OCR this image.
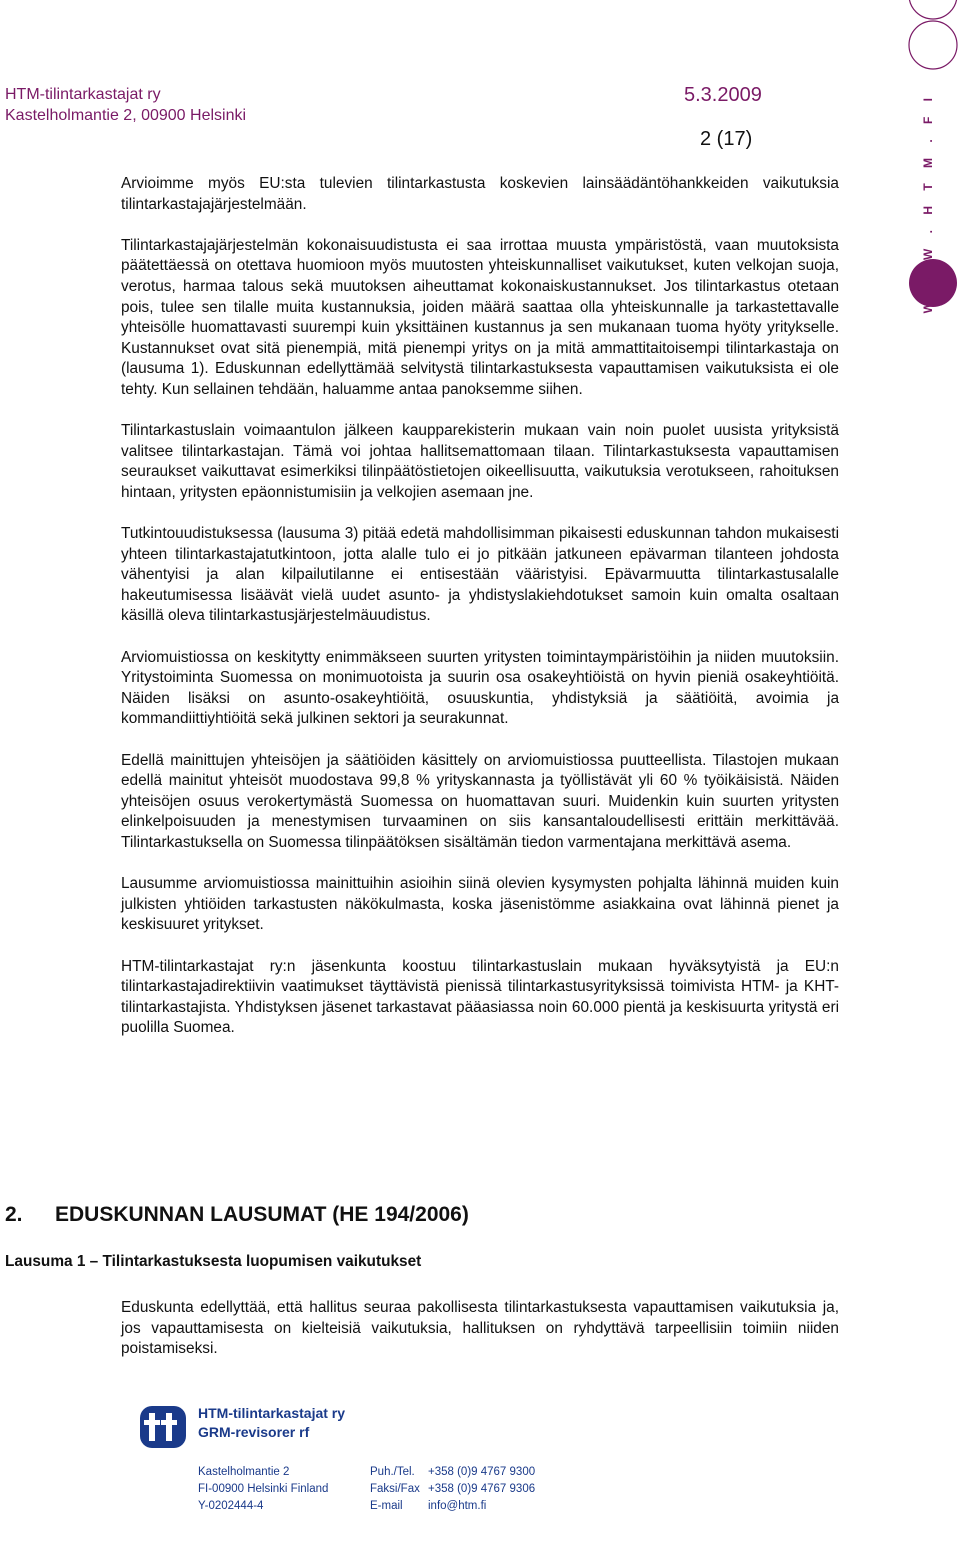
HTM-tilintarkastajat ry
Kastelholmantie 2, 00900 Helsinki
5.3.2009
2 (17)	W W W . H T M . F I

Arvioimme myös EU:sta tulevien tilintarkastusta koskevien lainsäädäntöhankkeiden vaikutuksia tilintarkastajajärjestelmään.

Tilintarkastajajärjestelmän kokonaisuudistusta ei saa irrottaa muusta ympäristöstä, vaan muutoksista päätettäessä on otettava huomioon myös muutosten yhteiskunnalliset vaikutukset, kuten velkojan suoja, verotus, harmaa talous sekä muutoksen aiheuttamat kokonaiskustannukset. Jos tilintarkastus otetaan pois, tulee sen tilalle muita kustannuksia, joiden määrä saattaa olla yhteiskunnalle ja tarkastettavalle yhteisölle huomattavasti suurempi kuin yksittäinen kustannus ja sen mukanaan tuoma hyöty yritykselle. Kustannukset ovat sitä pienempiä, mitä pienempi yritys on ja mitä ammattitaitoisempi tilintarkastaja on (lausuma 1). Eduskunnan edellyttämää selvitystä tilintarkastuksesta vapauttamisen vaikutuksista ei ole tehty. Kun sellainen tehdään, haluamme antaa panoksemme siihen.

Tilintarkastuslain voimaantulon jälkeen kaupparekisterin mukaan vain noin puolet uusista yrityksistä valitsee tilintarkastajan. Tämä voi johtaa hallitsemattomaan tilaan. Tilintarkastuksesta vapauttamisen seuraukset vaikuttavat esimerkiksi tilinpäätöstietojen oikeellisuutta, vaikutuksia verotukseen, rahoituksen hintaan, yritysten epäonnistumisiin ja velkojien asemaan jne.

Tutkintouudistuksessa (lausuma 3) pitää edetä mahdollisimman pikaisesti eduskunnan tahdon mukaisesti yhteen tilintarkastajatutkintoon, jotta alalle tulo ei jo pitkään jatkuneen epävarman tilanteen johdosta vähentyisi ja alan kilpailutilanne ei entisestään vääristyisi. Epävarmuutta tilintarkastusalalle hakeutumisessa lisäävät vielä uudet asunto- ja yhdistyslakiehdotukset samoin kuin omalta osaltaan käsillä oleva tilintarkastusjärjestelmäuudistus.

Arviomuistiossa on keskitytty enimmäkseen suurten yritysten toimintaympäristöihin ja niiden muutoksiin. Yritystoiminta Suomessa on monimuotoista ja suurin osa osakeyhtiöistä on hyvin pieniä osakeyhtiöitä. Näiden lisäksi on asunto-osakeyhtiöitä, osuuskuntia, yhdistyksiä ja säätiöitä, avoimia ja kommandiittiyhtiöitä sekä julkinen sektori ja seurakunnat.

Edellä mainittujen yhteisöjen ja säätiöiden käsittely on arviomuistiossa puutteellista. Tilastojen mukaan edellä mainitut yhteisöt muodostava 99,8 % yrityskannasta ja työllistävät yli 60 % työikäisistä. Näiden yhteisöjen osuus verokertymästä Suomessa on huomattavan suuri. Muidenkin kuin suurten yritysten elinkelpoisuuden ja menestymisen turvaaminen on siis kansantaloudellisesti erittäin merkittävää. Tilintarkastuksella on Suomessa tilinpäätöksen sisältämän tiedon varmentajana merkittävä asema.

Lausumme arviomuistiossa mainittuihin asioihin siinä olevien kysymysten pohjalta lähinnä muiden kuin julkisten yhtiöiden tarkastusten näkökulmasta, koska jäsenistömme asiakkaina ovat lähinnä pienet ja keskisuuret yritykset.

HTM-tilintarkastajat ry:n jäsenkunta koostuu tilintarkastuslain mukaan hyväksytyistä ja EU:n tilintarkastajadirektiivin vaatimukset täyttävistä pienissä tilintarkastusyrityksissä toimivista HTM- ja KHT-tilintarkastajista. Yhdistyksen jäsenet tarkastavat pääasiassa noin 60.000 pientä ja keskisuurta yritystä eri puolilla Suomea.

2. EDUSKUNNAN LAUSUMAT (HE 194/2006)
Lausuma 1 – Tilintarkastuksesta luopumisen vaikutukset

Eduskunta edellyttää, että hallitus seuraa pakollisesta tilintarkastuksesta vapauttamisen vaikutuksia ja, jos vapauttamisesta on kielteisiä vaikutuksia, hallituksen on ryhdyttävä tarpeellisiin toimiin niiden poistamiseksi.

HTM-tilintarkastajat ry
GRM-revisorer rf
Kastelholmantie 2
FI-00900 Helsinki Finland
Y-0202444-4
Puh./Tel. +358 (0)9 4767 9300
Faksi/Fax +358 (0)9 4767 9306
E-mail info@htm.fi
